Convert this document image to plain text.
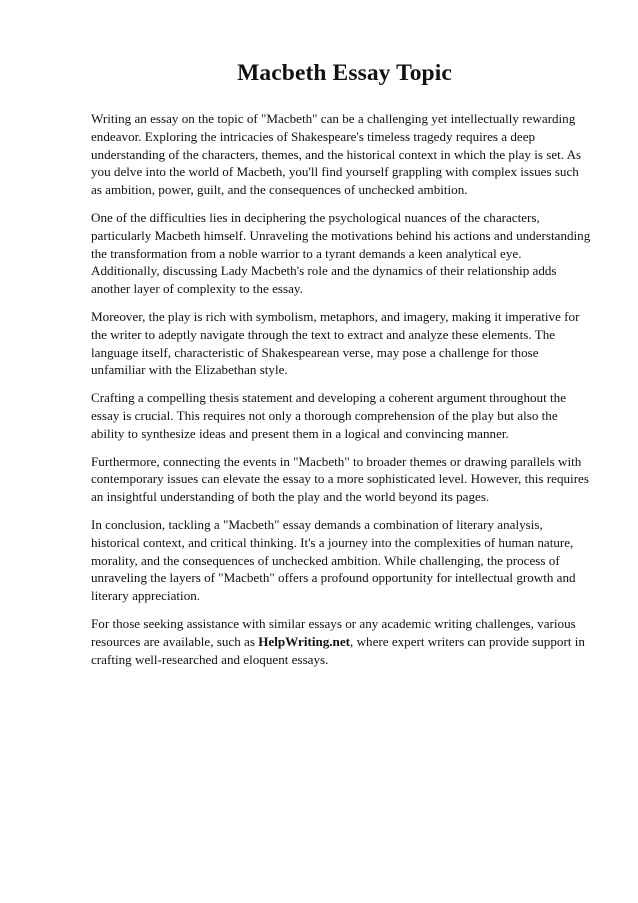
Macbeth Essay Topic

Writing an essay on the topic of "Macbeth" can be a challenging yet intellectually rewarding endeavor. Exploring the intricacies of Shakespeare's timeless tragedy requires a deep understanding of the characters, themes, and the historical context in which the play is set. As you delve into the world of Macbeth, you'll find yourself grappling with complex issues such as ambition, power, guilt, and the consequences of unchecked ambition.

One of the difficulties lies in deciphering the psychological nuances of the characters, particularly Macbeth himself. Unraveling the motivations behind his actions and understanding the transformation from a noble warrior to a tyrant demands a keen analytical eye. Additionally, discussing Lady Macbeth's role and the dynamics of their relationship adds another layer of complexity to the essay.

Moreover, the play is rich with symbolism, metaphors, and imagery, making it imperative for the writer to adeptly navigate through the text to extract and analyze these elements. The language itself, characteristic of Shakespearean verse, may pose a challenge for those unfamiliar with the Elizabethan style.

Crafting a compelling thesis statement and developing a coherent argument throughout the essay is crucial. This requires not only a thorough comprehension of the play but also the ability to synthesize ideas and present them in a logical and convincing manner.

Furthermore, connecting the events in "Macbeth" to broader themes or drawing parallels with contemporary issues can elevate the essay to a more sophisticated level. However, this requires an insightful understanding of both the play and the world beyond its pages.

In conclusion, tackling a "Macbeth" essay demands a combination of literary analysis, historical context, and critical thinking. It's a journey into the complexities of human nature, morality, and the consequences of unchecked ambition. While challenging, the process of unraveling the layers of "Macbeth" offers a profound opportunity for intellectual growth and literary appreciation.

For those seeking assistance with similar essays or any academic writing challenges, various resources are available, such as HelpWriting.net, where expert writers can provide support in crafting well-researched and eloquent essays.
